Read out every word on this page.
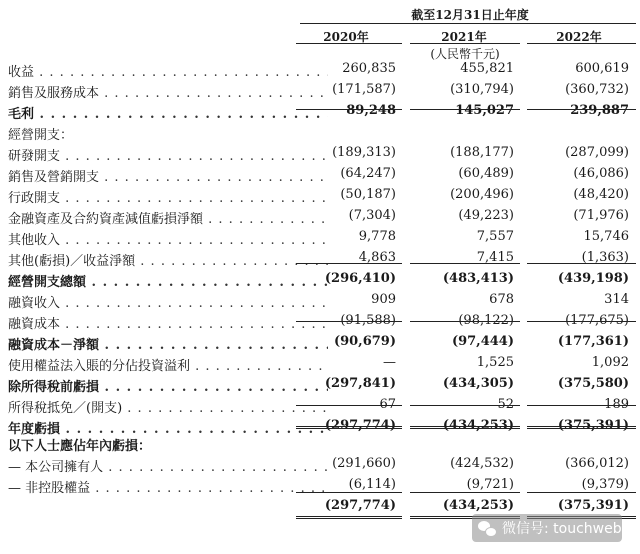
截至12月31日止年度
2020年	2021年	2022年
(人民幣千元)
收益 . . .	260,835	455,821	600,619
銷售及服務成本 . . .	(171,587)	(310,794)	(360,732)
毛利 . . .	89,248	145,027	239,887
經營開支：
研發開支 . . .	(189,313)	(188,177)	(287,099)
銷售及營銷開支 . . .	(64,247)	(60,489)	(46,086)
行政開支 . . .	(50,187)	(200,496)	(48,420)
金融資產及合約資產減值虧損淨額 . . .	(7,304)	(49,223)	(71,976)
其他收入 . . .	9,778	7,557	15,746
其他(虧損)／收益淨額 . . .	4,863	7,415	(1,363)
經營開支總額 . . .	(296,410)	(483,413)	(439,198)
融資收入 . . .	909	678	314
融資成本 . . .	(91,588)	(98,122)	(177,675)
融資成本－淨額 . . .	(90,679)	(97,444)	(177,361)
使用權益法入賬的分佔投資溢利 . . .	—	1,525	1,092
除所得稅前虧損 . . .	(297,841)	(434,305)	(375,580)
所得稅抵免／(開支) . . .	67	52	189
年度虧損 . . .	(297,774)	(434,253)	(375,391)
以下人士應佔年內虧損：
— 本公司擁有人 . . .	(291,660)	(424,532)	(366,012)
— 非控股權益 . . .	(6,114)	(9,721)	(9,379)
(297,774)	(434,253)	(375,391)
微信号: touchweb
